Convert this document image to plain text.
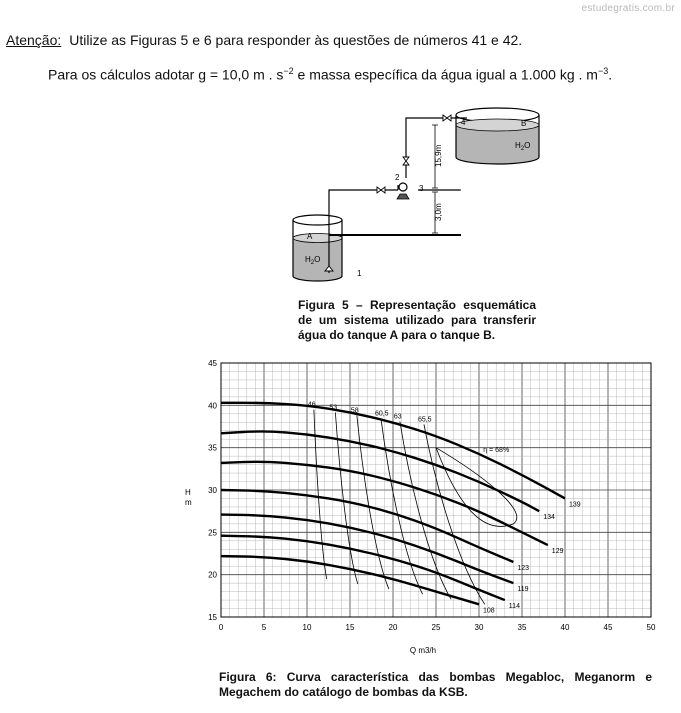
estudegratis.com.br
Atenção: Utilize as Figuras 5 e 6 para responder às questões de números 41 e 42.
Para os cálculos adotar g = 10,0 m . $s^{-2}$ e massa específica da água igual a 1.000 kg . $m^{-3}$.
B
$H_2O$
A
$H_2O$
15,9m
3,0m
1
2
3
4
Figura 5 – Representação esquemática de um sistema utilizado para transferir água do tanque A para o tanque B.
0	5	10	15	20	25	30	35	40	45	50
15
20
25
30
35
40
45
139
134
129
123
119
114
108
46 53 58 60,5 63 65,5
η = 68%
Q m3/h
H m
Figura 6: Curva característica das bombas Megabloc, Meganorm e Megachem do catálogo de bombas da KSB.
